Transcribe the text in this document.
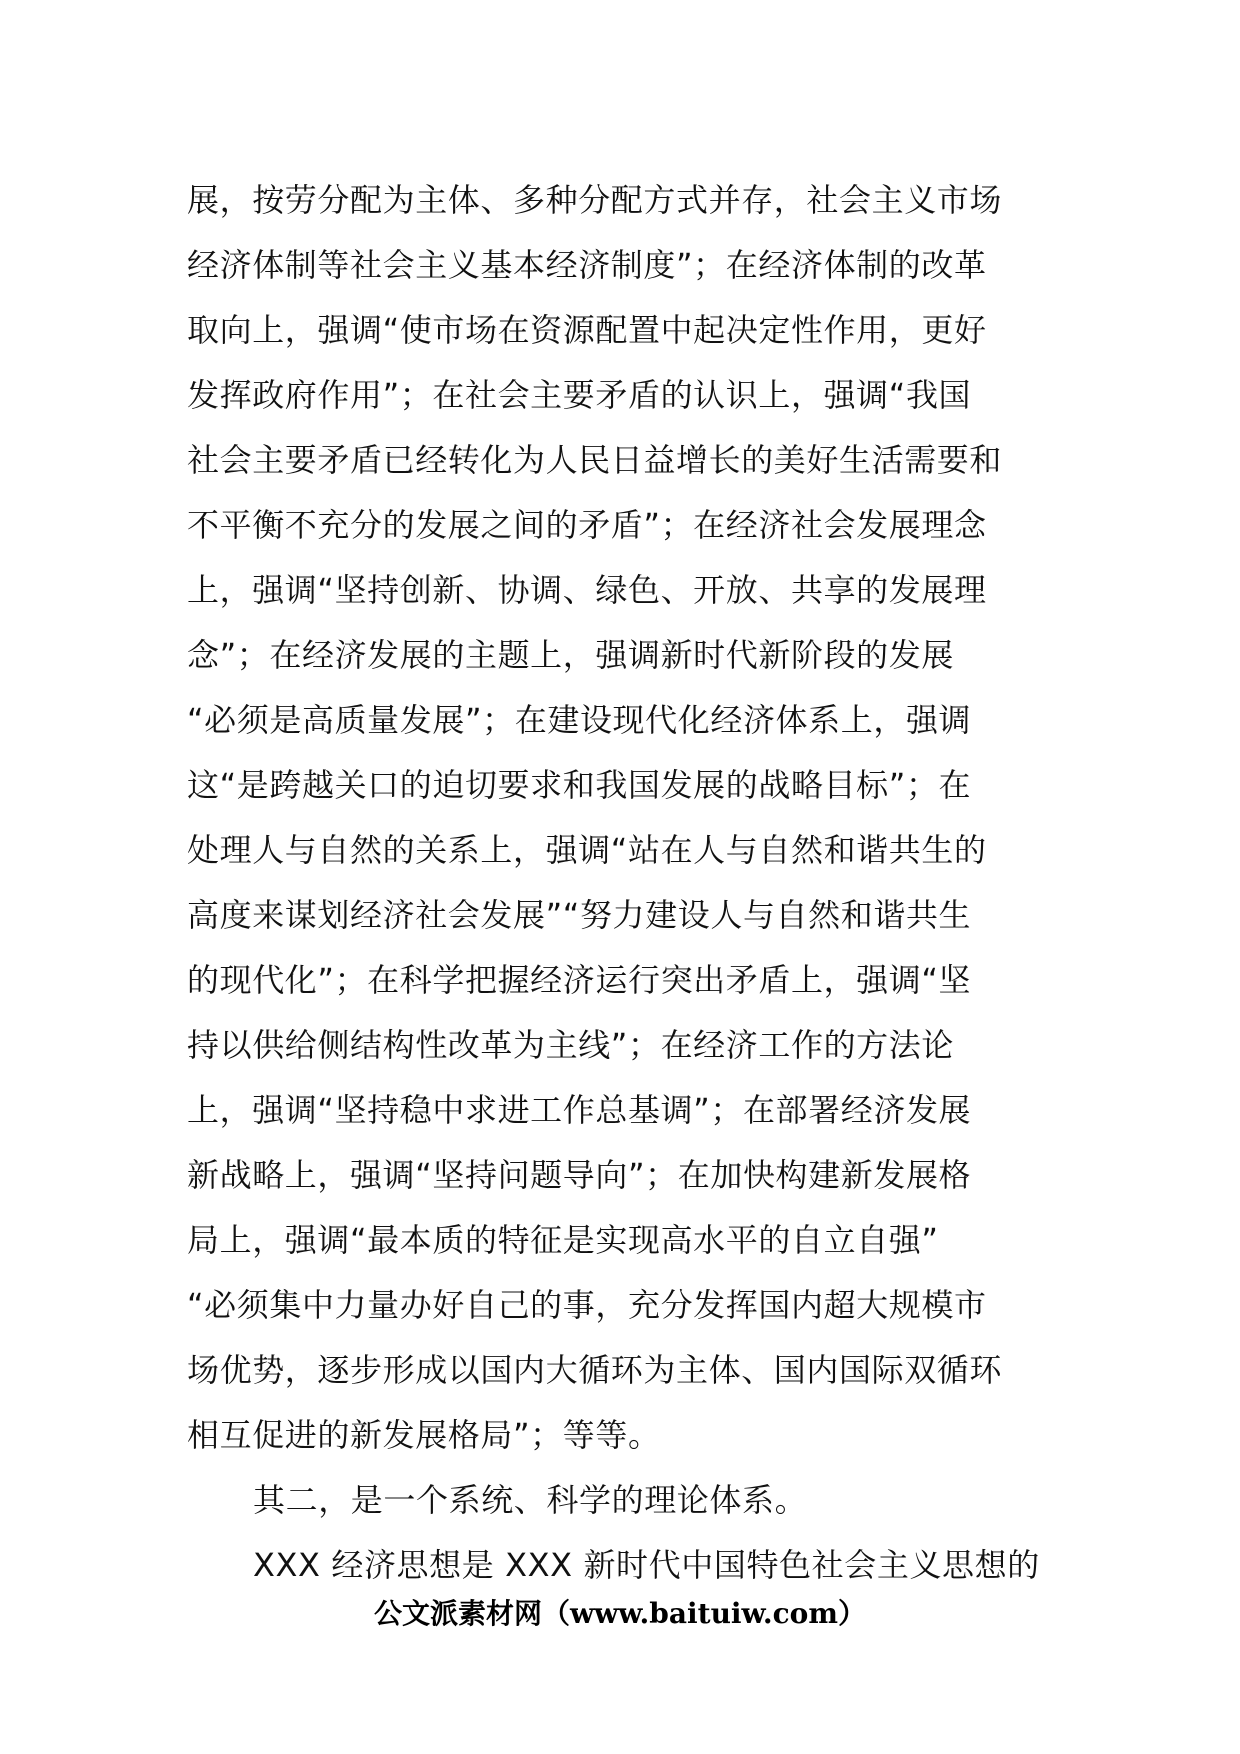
展，按劳分配为主体、多种分配方式并存，社会主义市场
经济体制等社会主义基本经济制度”；在经济体制的改革
取向上，强调“使市场在资源配置中起决定性作用，更好
发挥政府作用”；在社会主要矛盾的认识上，强调“我国
社会主要矛盾已经转化为人民日益增长的美好生活需要和
不平衡不充分的发展之间的矛盾”；在经济社会发展理念
上，强调“坚持创新、协调、绿色、开放、共享的发展理
念”；在经济发展的主题上，强调新时代新阶段的发展
“必须是高质量发展”；在建设现代化经济体系上，强调
这“是跨越关口的迫切要求和我国发展的战略目标”；在
处理人与自然的关系上，强调“站在人与自然和谐共生的
高度来谋划经济社会发展”“努力建设人与自然和谐共生
的现代化”；在科学把握经济运行突出矛盾上，强调“坚
持以供给侧结构性改革为主线”；在经济工作的方法论
上，强调“坚持稳中求进工作总基调”；在部署经济发展
新战略上，强调“坚持问题导向”；在加快构建新发展格
局上，强调“最本质的特征是实现高水平的自立自强”
“必须集中力量办好自己的事，充分发挥国内超大规模市
场优势，逐步形成以国内大循环为主体、国内国际双循环
相互促进的新发展格局”；等等。
其二，是一个系统、科学的理论体系。
XXX 经济思想是 XXX 新时代中国特色社会主义思想的
公文派素材网（www.baituiw.com）
